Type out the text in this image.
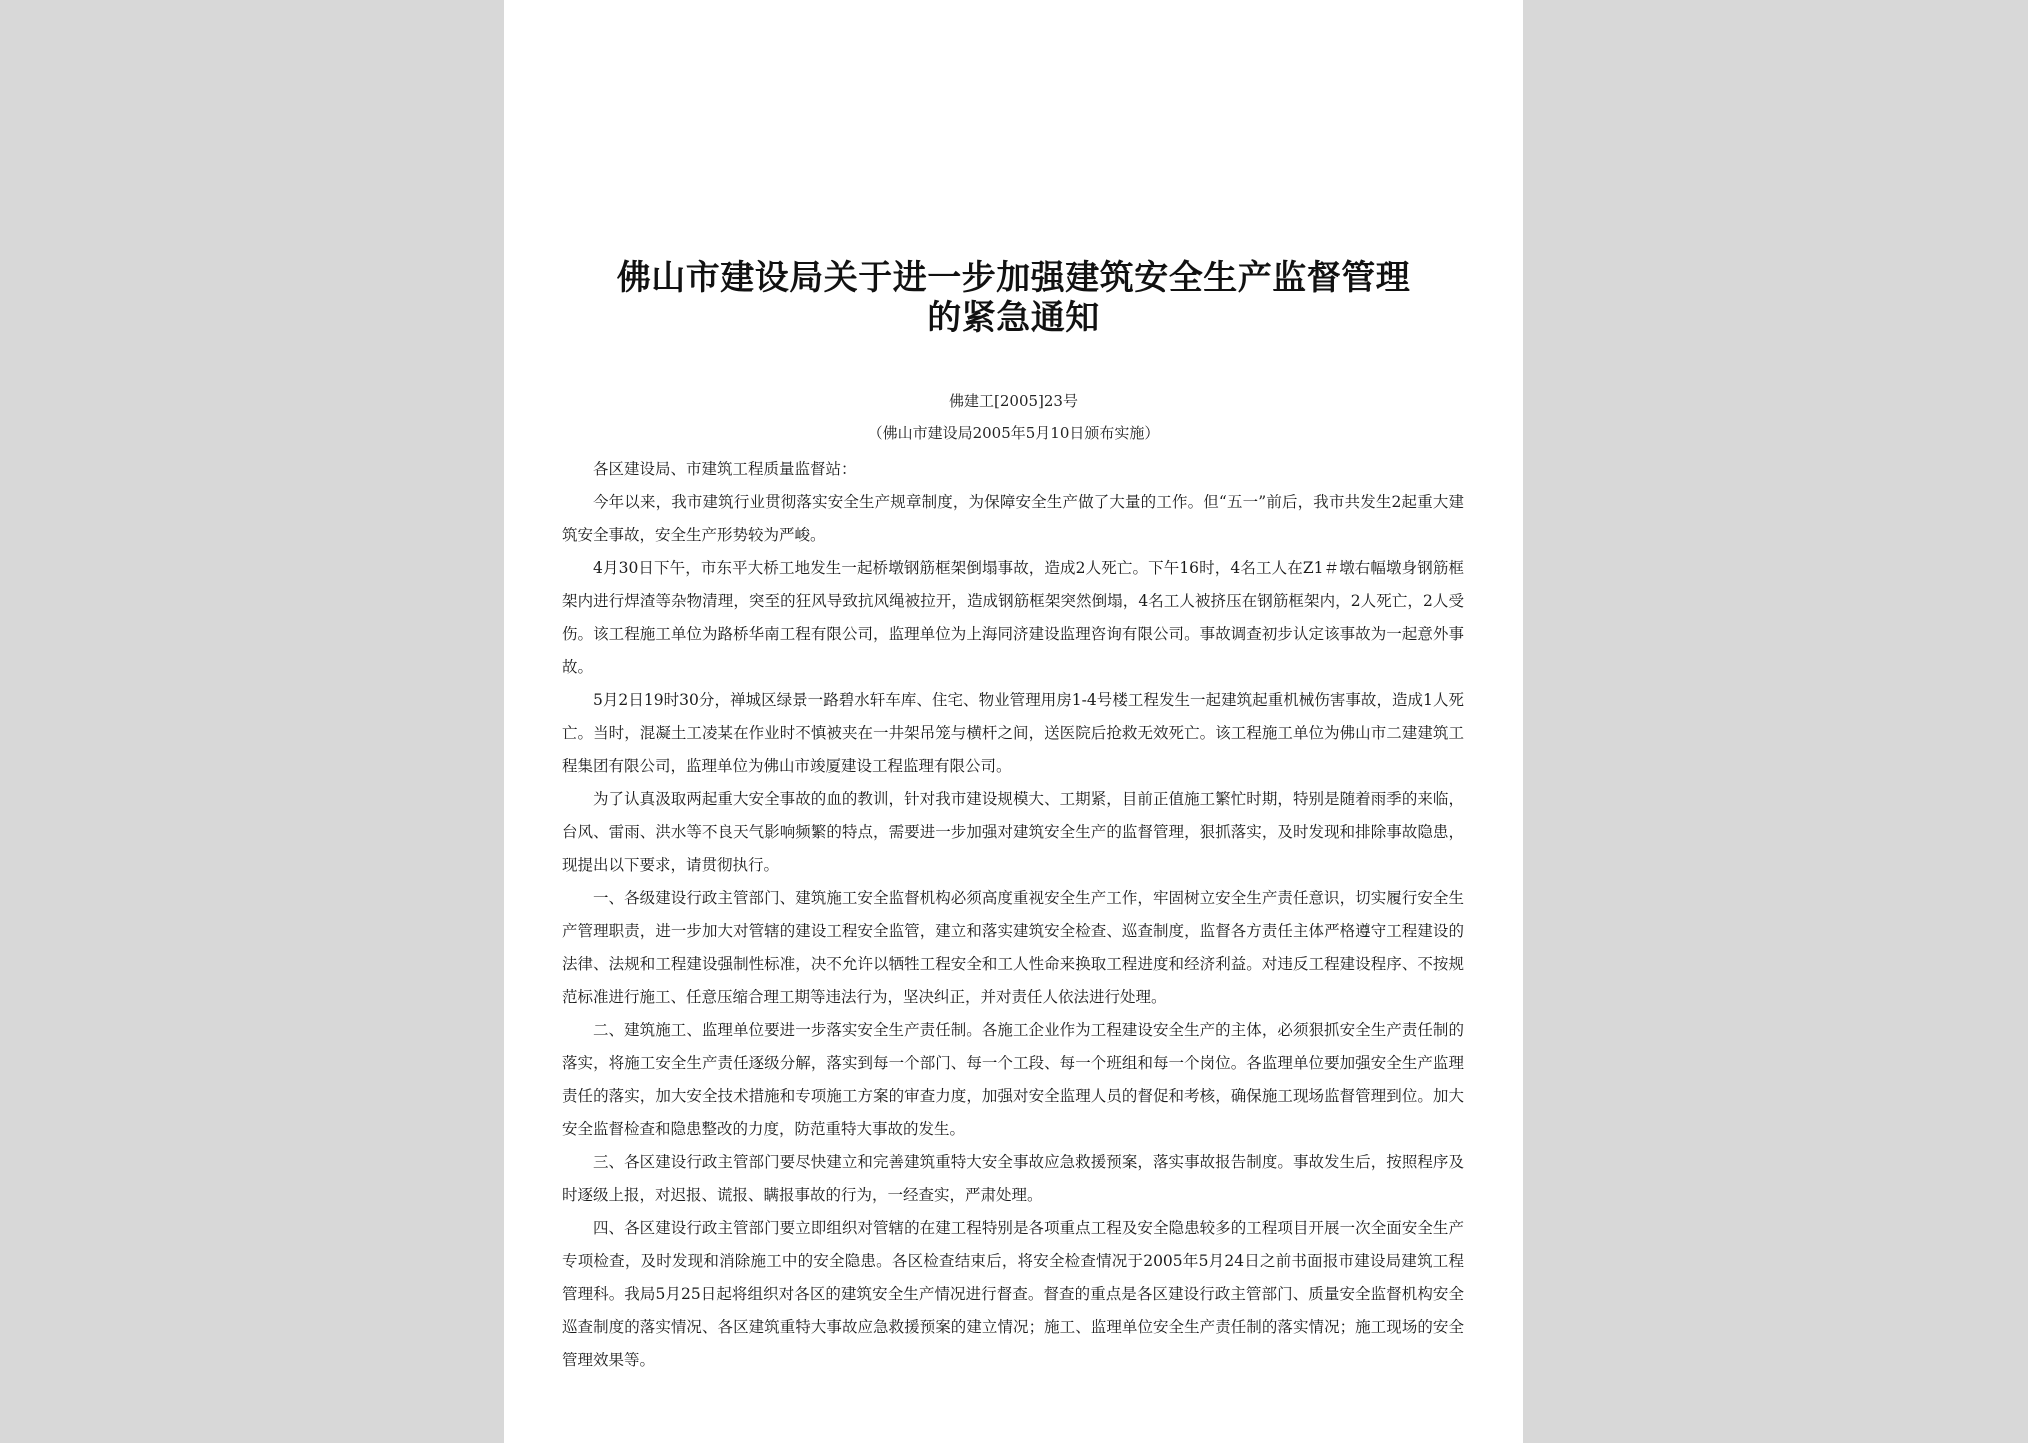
佛山市建设局关于进一步加强建筑安全生产监督管理
的紧急通知
佛建工[2005]23号
（佛山市建设局2005年5月10日颁布实施）

各区建设局、市建筑工程质量监督站：

今年以来，我市建筑行业贯彻落实安全生产规章制度，为保障安全生产做了大量的工作。但“五一”前后，我市共发生2起重大建筑安全事故，安全生产形势较为严峻。

4月30日下午，市东平大桥工地发生一起桥墩钢筋框架倒塌事故，造成2人死亡。下午16时，4名工人在Z1＃墩右幅墩身钢筋框架内进行焊渣等杂物清理，突至的狂风导致抗风绳被拉开，造成钢筋框架突然倒塌，4名工人被挤压在钢筋框架内，2人死亡，2人受伤。该工程施工单位为路桥华南工程有限公司，监理单位为上海同济建设监理咨询有限公司。事故调查初步认定该事故为一起意外事故。

5月2日19时30分，禅城区绿景一路碧水轩车库、住宅、物业管理用房1-4号楼工程发生一起建筑起重机械伤害事故，造成1人死亡。当时，混凝土工凌某在作业时不慎被夹在一井架吊笼与横杆之间，送医院后抢救无效死亡。该工程施工单位为佛山市二建建筑工程集团有限公司，监理单位为佛山市竣厦建设工程监理有限公司。

为了认真汲取两起重大安全事故的血的教训，针对我市建设规模大、工期紧，目前正值施工繁忙时期，特别是随着雨季的来临，台风、雷雨、洪水等不良天气影响频繁的特点，需要进一步加强对建筑安全生产的监督管理，狠抓落实，及时发现和排除事故隐患，现提出以下要求，请贯彻执行。

一、各级建设行政主管部门、建筑施工安全监督机构必须高度重视安全生产工作，牢固树立安全生产责任意识，切实履行安全生产管理职责，进一步加大对管辖的建设工程安全监管，建立和落实建筑安全检查、巡查制度，监督各方责任主体严格遵守工程建设的法律、法规和工程建设强制性标准，决不允许以牺牲工程安全和工人性命来换取工程进度和经济利益。对违反工程建设程序、不按规范标准进行施工、任意压缩合理工期等违法行为，坚决纠正，并对责任人依法进行处理。

二、建筑施工、监理单位要进一步落实安全生产责任制。各施工企业作为工程建设安全生产的主体，必须狠抓安全生产责任制的落实，将施工安全生产责任逐级分解，落实到每一个部门、每一个工段、每一个班组和每一个岗位。各监理单位要加强安全生产监理责任的落实，加大安全技术措施和专项施工方案的审查力度，加强对安全监理人员的督促和考核，确保施工现场监督管理到位。加大安全监督检查和隐患整改的力度，防范重特大事故的发生。

三、各区建设行政主管部门要尽快建立和完善建筑重特大安全事故应急救援预案，落实事故报告制度。事故发生后，按照程序及时逐级上报，对迟报、谎报、瞒报事故的行为，一经查实，严肃处理。

四、各区建设行政主管部门要立即组织对管辖的在建工程特别是各项重点工程及安全隐患较多的工程项目开展一次全面安全生产专项检查，及时发现和消除施工中的安全隐患。各区检查结束后，将安全检查情况于2005年5月24日之前书面报市建设局建筑工程管理科。我局5月25日起将组织对各区的建筑安全生产情况进行督查。督查的重点是各区建设行政主管部门、质量安全监督机构安全巡查制度的落实情况、各区建筑重特大事故应急救援预案的建立情况；施工、监理单位安全生产责任制的落实情况；施工现场的安全管理效果等。
